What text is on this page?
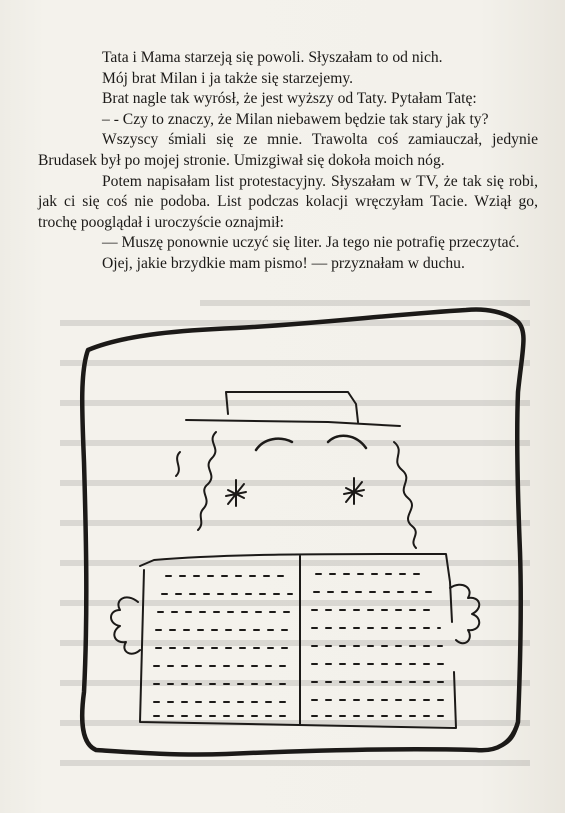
Tata i Mama starzeją się powoli. Słyszałam to od nich.

Mój brat Milan i ja także się starzejemy.

Brat nagle tak wyrósł, że jest wyższy od Taty. Pytałam Tatę:

– - Czy to znaczy, że Milan niebawem będzie tak stary jak ty?

Wszyscy śmiali się ze mnie. Trawolta coś zamiauczał, jedynie Brudasek był po mojej stronie. Umizgiwał się dokoła moich nóg.

Potem napisałam list protestacyjny. Słyszałam w TV, że tak się robi, jak ci się coś nie podoba. List podczas kolacji wręczyłam Tacie. Wziął go, trochę pooglądał i uroczyście oznajmił:

— Muszę ponownie uczyć się liter. Ja tego nie potrafię przeczytać.

Ojej, jakie brzydkie mam pismo! — przyznałam w duchu.
